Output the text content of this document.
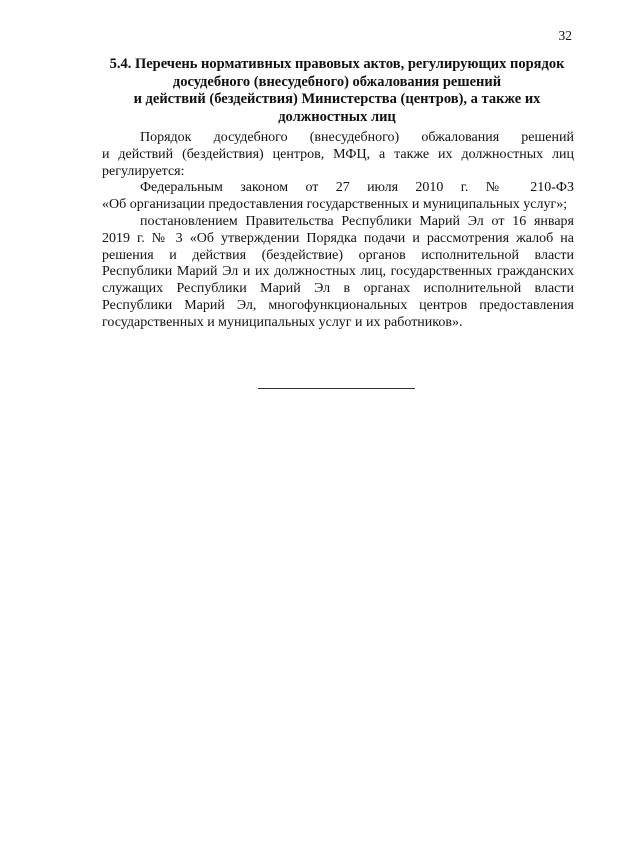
32
5.4. Перечень нормативных правовых актов, регулирующих порядок
досудебного (внесудебного) обжалования решений
и действий (бездействия) Министерства (центров), а также их
должностных лиц
Порядок досудебного (внесудебного) обжалования решений
и действий (бездействия) центров, МФЦ, а также их должностных лиц
регулируется:
Федеральным законом от 27 июля 2010 г. № 210-ФЗ
«Об организации предоставления государственных и муниципальных услуг»;
постановлением Правительства Республики Марий Эл от 16 января
2019 г. № 3 «Об утверждении Порядка подачи и рассмотрения жалоб на
решения и действия (бездействие) органов исполнительной власти
Республики Марий Эл и их должностных лиц, государственных гражданских
служащих Республики Марий Эл в органах исполнительной власти
Республики Марий Эл, многофункциональных центров предоставления
государственных и муниципальных услуг и их работников».
